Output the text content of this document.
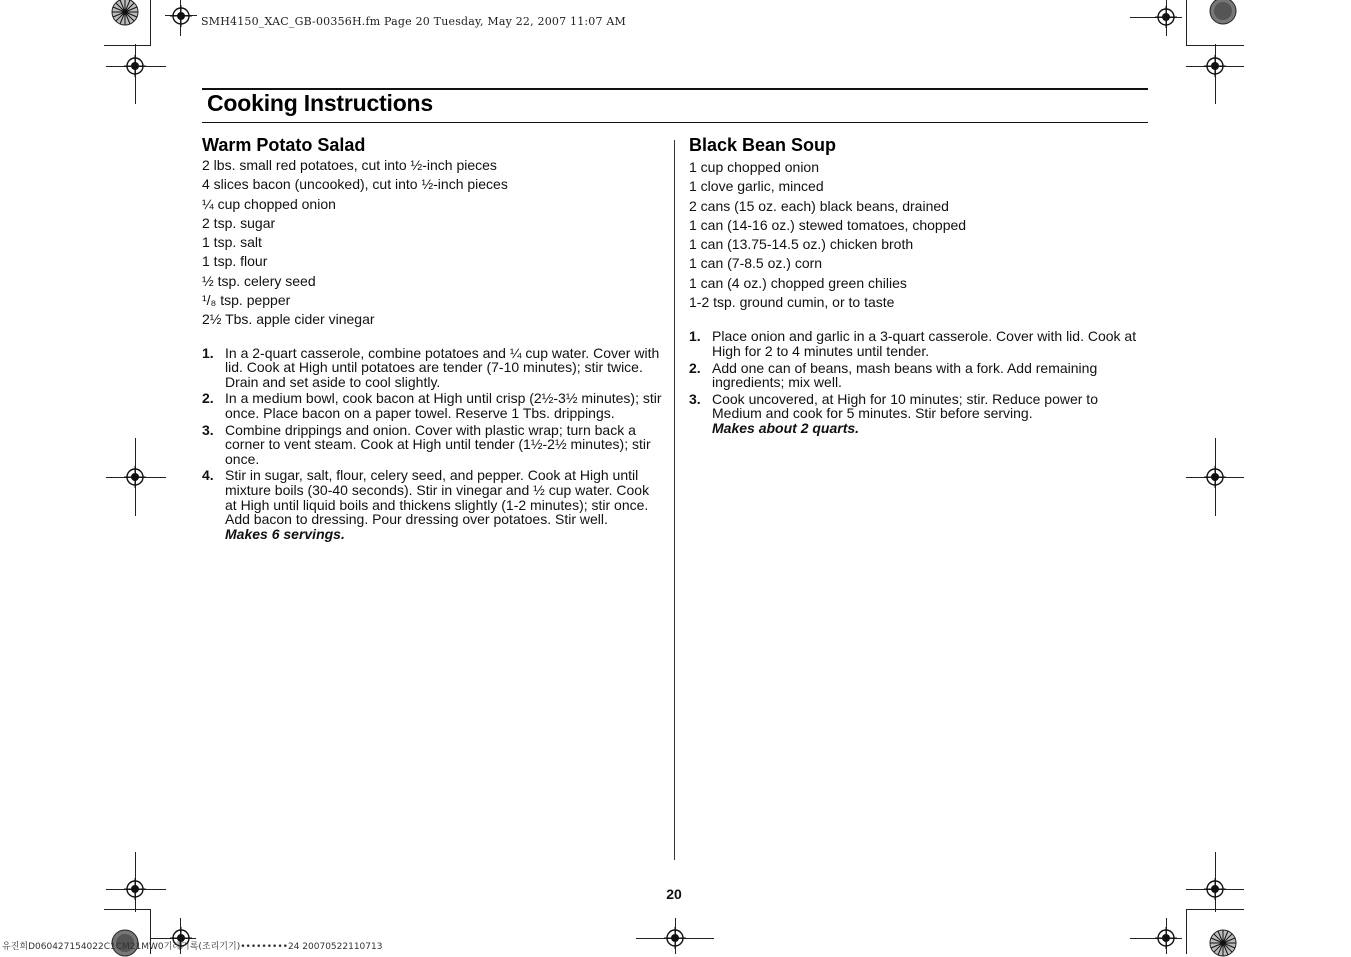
SMH4150_XAC_GB-00356H.fm Page 20 Tuesday, May 22, 2007 11:07 AM
유진희D060427154022C1CM21MW0기레기록(조리기기)•••••••••24 20070522110713
Cooking Instructions
Warm Potato Salad
2 lbs. small red potatoes, cut into ½-inch pieces
4 slices bacon (uncooked), cut into ½-inch pieces
¼ cup chopped onion
2 tsp. sugar
1 tsp. salt
1 tsp. flour
½ tsp. celery seed
¹/₈ tsp. pepper
2½ Tbs. apple cider vinegar
1. In a 2-quart casserole, combine potatoes and ¼ cup water. Cover with lid. Cook at High until potatoes are tender (7-10 minutes); stir twice. Drain and set aside to cool slightly.
2. In a medium bowl, cook bacon at High until crisp (2½-3½ minutes); stir once. Place bacon on a paper towel. Reserve 1 Tbs. drippings.
3. Combine drippings and onion. Cover with plastic wrap; turn back a corner to vent steam. Cook at High until tender (1½-2½ minutes); stir once.
4. Stir in sugar, salt, flour, celery seed, and pepper. Cook at High until mixture boils (30-40 seconds). Stir in vinegar and ½ cup water. Cook at High until liquid boils and thickens slightly (1-2 minutes); stir once. Add bacon to dressing. Pour dressing over potatoes. Stir well.
Makes 6 servings.
Black Bean Soup
1 cup chopped onion
1 clove garlic, minced
2 cans (15 oz. each) black beans, drained
1 can (14-16 oz.) stewed tomatoes, chopped
1 can (13.75-14.5 oz.) chicken broth
1 can (7-8.5 oz.) corn
1 can (4 oz.) chopped green chilies
1-2 tsp. ground cumin, or to taste
1. Place onion and garlic in a 3-quart casserole. Cover with lid. Cook at High for 2 to 4 minutes until tender.
2. Add one can of beans, mash beans with a fork. Add remaining ingredients; mix well.
3. Cook uncovered, at High for 10 minutes; stir. Reduce power to Medium and cook for 5 minutes. Stir before serving.
Makes about 2 quarts.
20
